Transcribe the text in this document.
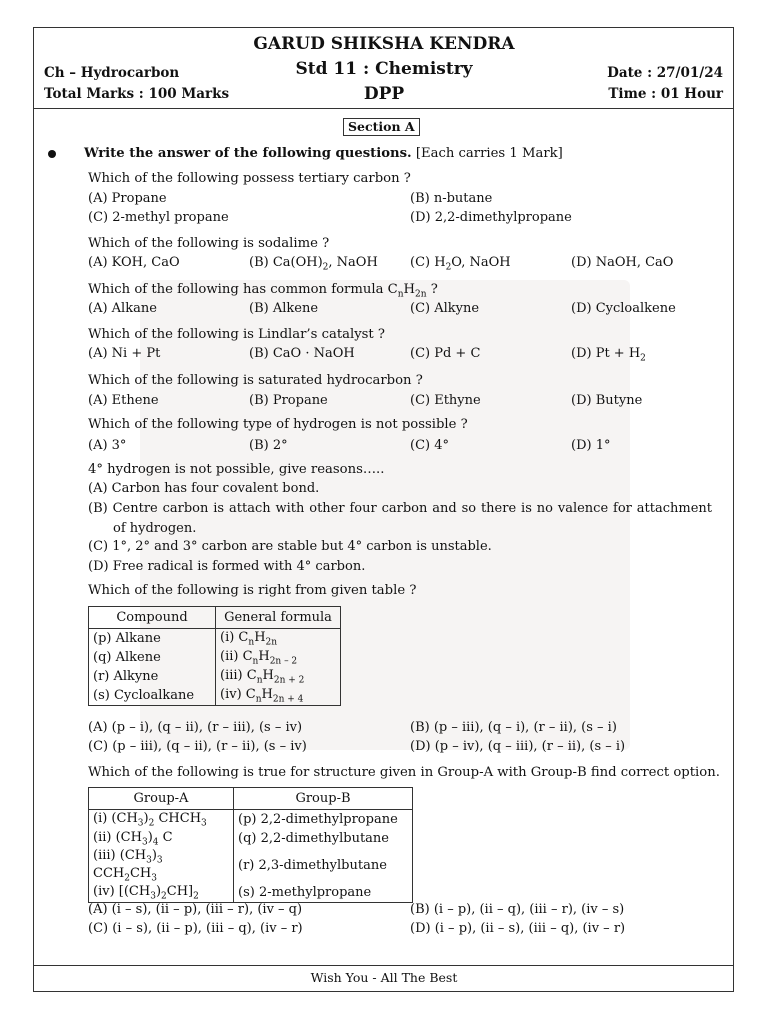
GARUD SHIKSHA KENDRA
Std 11 : Chemistry
DPP
Ch – Hydrocarbon
Total Marks : 100 Marks
Date : 27/01/24
Time : 01 Hour
Section A
Write the answer of the following questions. [Each carries 1 Mark]
Which of the following possess tertiary carbon ?
(A) Propane	(B) n-butane
(C) 2-methyl propane	(D) 2,2-dimethylpropane
Which of the following is sodalime ?
(A) KOH, CaO	(B) $Ca(OH)_2$, NaOH (C) $H_2O$, NaOH	(D) NaOH, CaO
Which of the following has common formula $C_nH_{2n}$ ?
(A) Alkane	(B) Alkene	(C) Alkyne	(D) Cycloalkene
Which of the following is Lindlar’s catalyst ?
(A) Ni + Pt	(B) CaO · NaOH	(C) Pd + C	(D) $Pt + H_2$
Which of the following is saturated hydrocarbon ?
(A) Ethene	(B) Propane	(C) Ethyne	(D) Butyne
Which of the following type of hydrogen is not possible ?
(A) 3°	(B) 2°	(C) 4°	(D) 1°
4° hydrogen is not possible, give reasons…..
(A) Carbon has four covalent bond.
(B) Centre carbon is attach with other four carbon and so there is no valence for attachment of hydrogen.
(C) 1°, 2° and 3° carbon are stable but 4° carbon is unstable.
(D) Free radical is formed with 4° carbon.
Which of the following is right from given table ?
Compound	General formula
(p) Alkane	(i) $C_nH_{2n}$
(q) Alkene	(ii) $C_nH_{2n - 2}$
(r) Alkyne	(iii) $C_nH_{2n + 2}$
(s) Cycloalkane	(iv) $C_nH_{2n + 4}$
(A) (p – i), (q – ii), (r – iii), (s – iv)	(B) (p – iii), (q – i), (r – ii), (s – i)
(C) (p – iii), (q – ii), (r – ii), (s – iv)	(D) (p – iv), (q – iii), (r – ii), (s – i)
Which of the following is true for structure given in Group-A with Group-B find correct option.
Group-A	Group-B
(i) $(CH_3)_2$ $CHCH_3$	(p) 2,2-dimethylpropane
(ii) $(CH_3)_4$ C	(q) 2,2-dimethylbutane
(iii) $(CH_3)_3$ $CCH_2CH_3$	(r) 2,3-dimethylbutane
(iv) $[(CH_3)_2CH]_2$	(s) 2-methylpropane
(A) (i – s), (ii – p), (iii – r), (iv – q)	(B) (i – p), (ii – q), (iii – r), (iv – s)
(C) (i – s), (ii – p), (iii – q), (iv – r)	(D) (i – p), (ii – s), (iii – q), (iv – r)
Wish You - All The Best
